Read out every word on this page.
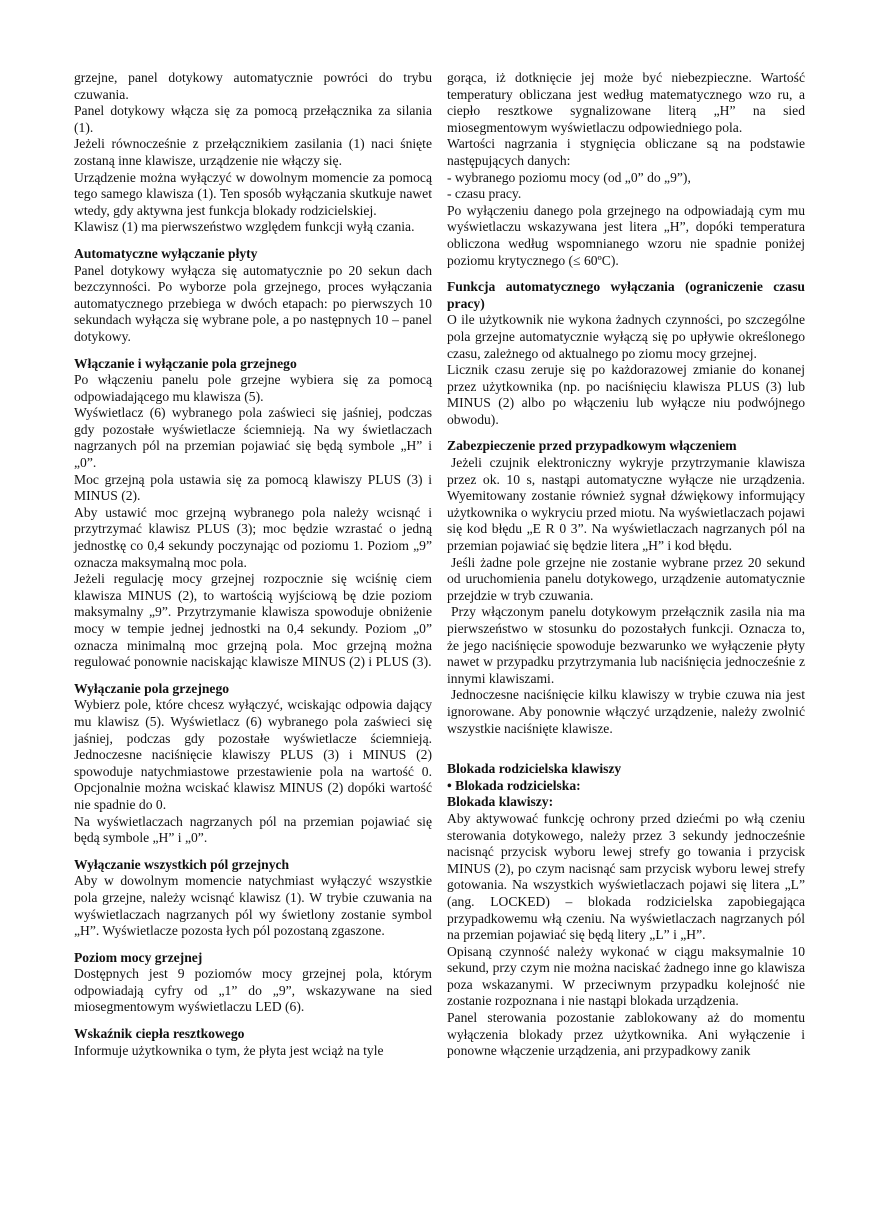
grzejne, panel dotykowy automatycznie powróci do trybu czuwania.

Panel dotykowy włącza się za pomocą przełącznika za silania (1).

Jeżeli równocześnie z przełącznikiem zasilania (1) naci śnięte zostaną inne klawisze, urządzenie nie włączy się.

Urządzenie można wyłączyć w dowolnym momencie za pomocą tego samego klawisza (1). Ten sposób wyłączania skutkuje nawet wtedy, gdy aktywna jest funkcja blokady rodzicielskiej.

Klawisz (1) ma pierwszeństwo względem funkcji wyłą czania.

Automatyczne wyłączanie płyty

Panel dotykowy wyłącza się automatycznie po 20 sekun dach bezczynności. Po wyborze pola grzejnego, proces wyłączania automatycznego przebiega w dwóch etapach: po pierwszych 10 sekundach wyłącza się wybrane pole, a po następnych 10 – panel dotykowy.

Włączanie i wyłączanie pola grzejnego

Po włączeniu panelu pole grzejne wybiera się za pomocą odpowiadającego mu klawisza (5).

Wyświetlacz (6) wybranego pola zaświeci się jaśniej, podczas gdy pozostałe wyświetlacze ściemnieją. Na wy świetlaczach nagrzanych pól na przemian pojawiać się będą symbole „H” i „0”.

Moc grzejną pola ustawia się za pomocą klawiszy PLUS (3) i MINUS (2).

Aby ustawić moc grzejną wybranego pola należy wcisnąć i przytrzymać klawisz PLUS (3); moc będzie wzrastać o jedną jednostkę co 0,4 sekundy poczynając od poziomu 1. Poziom „9” oznacza maksymalną moc pola.

Jeżeli regulację mocy grzejnej rozpocznie się wciśnię ciem klawisza MINUS (2), to wartością wyjściową bę dzie poziom maksymalny „9”. Przytrzymanie klawisza spowoduje obniżenie mocy w tempie jednej jednostki na 0,4 sekundy. Poziom „0” oznacza minimalną moc grzejną pola. Moc grzejną można regulować ponownie naciskając klawisze MINUS (2) i PLUS (3).

Wyłączanie pola grzejnego

Wybierz pole, które chcesz wyłączyć, wciskając odpowia dający mu klawisz (5). Wyświetlacz (6) wybranego pola zaświeci się jaśniej, podczas gdy pozostałe wyświetlacze ściemnieją. Jednoczesne naciśnięcie klawiszy PLUS (3) i MINUS (2) spowoduje natychmiastowe przestawienie pola na wartość 0. Opcjonalnie można wciskać klawisz MINUS (2) dopóki wartość nie spadnie do 0.

Na wyświetlaczach nagrzanych pól na przemian pojawiać się będą symbole „H” i „0”.

Wyłączanie wszystkich pól grzejnych

Aby w dowolnym momencie natychmiast wyłączyć wszystkie pola grzejne, należy wcisnąć klawisz (1). W trybie czuwania na wyświetlaczach nagrzanych pól wy świetlony zostanie symbol „H”. Wyświetlacze pozosta łych pól pozostaną zgaszone.

Poziom mocy grzejnej

Dostępnych jest 9 poziomów mocy grzejnej pola, którym odpowiadają cyfry od „1” do „9”, wskazywane na sied miosegmentowym wyświetlaczu LED (6).

Wskaźnik ciepła resztkowego

Informuje użytkownika o tym, że płyta jest wciąż na tyle

gorąca, iż dotknięcie jej może być niebezpieczne. Wartość temperatury obliczana jest według matematycznego wzo ru, a ciepło resztkowe sygnalizowane literą „H” na sied miosegmentowym wyświetlaczu odpowiedniego pola.

Wartości nagrzania i stygnięcia obliczane są na podstawie następujących danych:

- wybranego poziomu mocy (od „0” do „9”),

- czasu pracy.

Po wyłączeniu danego pola grzejnego na odpowiadają cym mu wyświetlaczu wskazywana jest litera „H”, dopóki temperatura obliczona według wspomnianego wzoru nie spadnie poniżej poziomu krytycznego (≤ 60ºC).

Funkcja automatycznego wyłączania (ograniczenie czasu pracy)

O ile użytkownik nie wykona żadnych czynności, po szczególne pola grzejne automatycznie wyłączą się po upływie określonego czasu, zależnego od aktualnego po ziomu mocy grzejnej.

Licznik czasu zeruje się po każdorazowej zmianie do konanej przez użytkownika (np. po naciśnięciu klawisza PLUS (3) lub MINUS (2) albo po włączeniu lub wyłącze niu podwójnego obwodu).

Zabezpieczenie przed przypadkowym włączeniem

Jeżeli czujnik elektroniczny wykryje przytrzymanie klawisza przez ok. 10 s, nastąpi automatyczne wyłącze nie urządzenia. Wyemitowany zostanie również sygnał dźwiękowy informujący użytkownika o wykryciu przed miotu. Na wyświetlaczach pojawi się kod błędu „E R 0 3”. Na wyświetlaczach nagrzanych pól na przemian pojawiać się będzie litera „H” i kod błędu.

Jeśli żadne pole grzejne nie zostanie wybrane przez 20 sekund od uruchomienia panelu dotykowego, urządzenie automatycznie przejdzie w tryb czuwania.

Przy włączonym panelu dotykowym przełącznik zasila nia ma pierwszeństwo w stosunku do pozostałych funkcji. Oznacza to, że jego naciśnięcie spowoduje bezwarunko we wyłączenie płyty nawet w przypadku przytrzymania lub naciśnięcia jednocześnie z innymi klawiszami.

Jednoczesne naciśnięcie kilku klawiszy w trybie czuwa nia jest ignorowane. Aby ponownie włączyć urządzenie, należy zwolnić wszystkie naciśnięte klawisze.

Blokada rodzicielska klawiszy
• Blokada rodzicielska:
Blokada klawiszy:

Aby aktywować funkcję ochrony przed dziećmi po włą czeniu sterowania dotykowego, należy przez 3 sekundy jednocześnie nacisnąć przycisk wyboru lewej strefy go towania i przycisk MINUS (2), po czym nacisnąć sam przycisk wyboru lewej strefy gotowania. Na wszystkich wyświetlaczach pojawi się litera „L” (ang. LOCKED) – blokada rodzicielska zapobiegająca przypadkowemu włą czeniu. Na wyświetlaczach nagrzanych pól na przemian pojawiać się będą litery „L” i „H”.

Opisaną czynność należy wykonać w ciągu maksymalnie 10 sekund, przy czym nie można naciskać żadnego inne go klawisza poza wskazanymi. W przeciwnym przypadku kolejność nie zostanie rozpoznana i nie nastąpi blokada urządzenia.

Panel sterowania pozostanie zablokowany aż do momentu wyłączenia blokady przez użytkownika. Ani wyłączenie i ponowne włączenie urządzenia, ani przypadkowy zanik
